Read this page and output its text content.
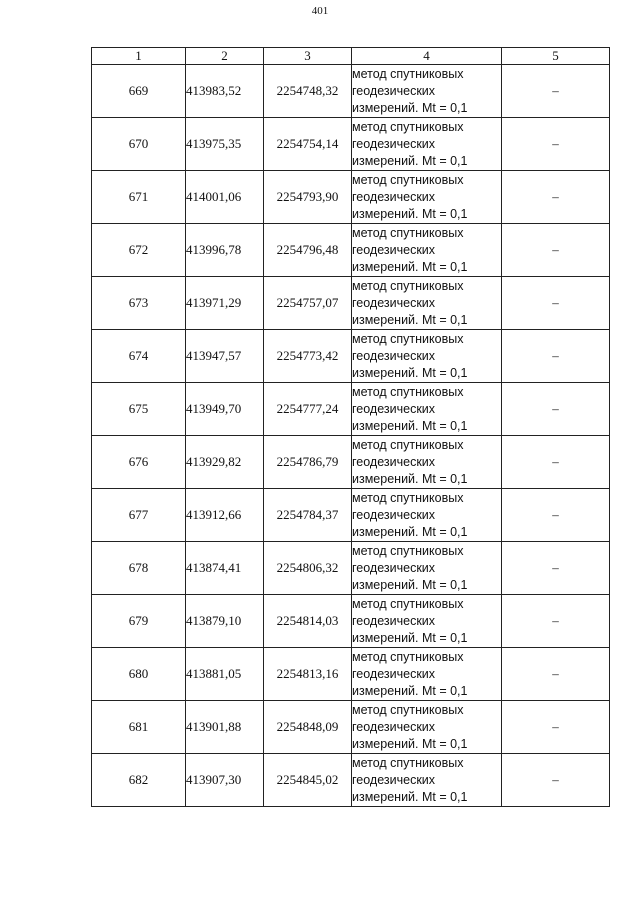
401
1	2	3	4	5
669	413983,52	2254748,32	метод спутниковых
геодезических
измерений. Mt = 0,1	–
670	413975,35	2254754,14	метод спутниковых
геодезических
измерений. Mt = 0,1	–
671	414001,06	2254793,90	метод спутниковых
геодезических
измерений. Mt = 0,1	–
672	413996,78	2254796,48	метод спутниковых
геодезических
измерений. Mt = 0,1	–
673	413971,29	2254757,07	метод спутниковых
геодезических
измерений. Mt = 0,1	–
674	413947,57	2254773,42	метод спутниковых
геодезических
измерений. Mt = 0,1	–
675	413949,70	2254777,24	метод спутниковых
геодезических
измерений. Mt = 0,1	–
676	413929,82	2254786,79	метод спутниковых
геодезических
измерений. Mt = 0,1	–
677	413912,66	2254784,37	метод спутниковых
геодезических
измерений. Mt = 0,1	–
678	413874,41	2254806,32	метод спутниковых
геодезических
измерений. Mt = 0,1	–
679	413879,10	2254814,03	метод спутниковых
геодезических
измерений. Mt = 0,1	–
680	413881,05	2254813,16	метод спутниковых
геодезических
измерений. Mt = 0,1	–
681	413901,88	2254848,09	метод спутниковых
геодезических
измерений. Mt = 0,1	–
682	413907,30	2254845,02	метод спутниковых
геодезических
измерений. Mt = 0,1	–
